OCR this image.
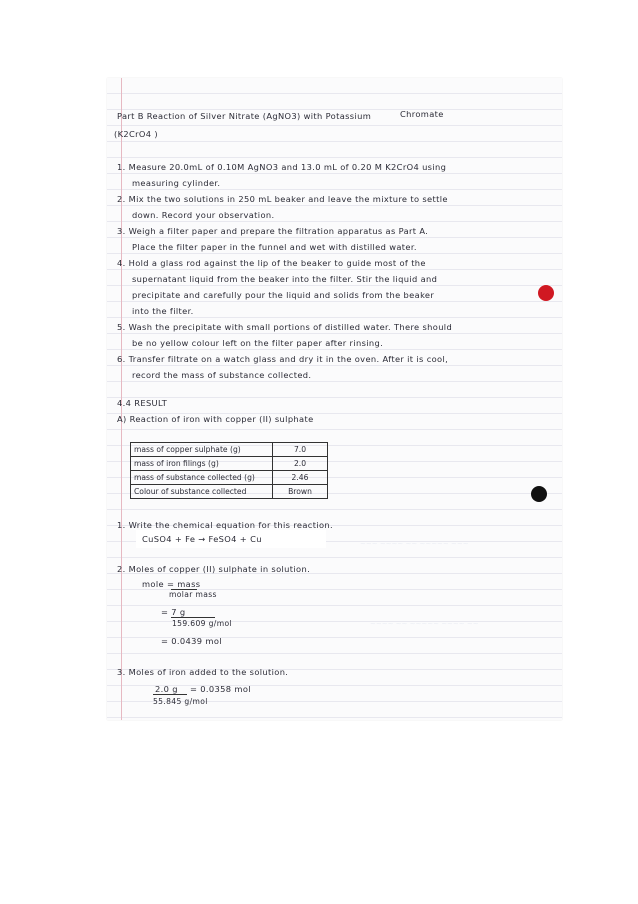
~~~ ~~~~ ~~ ~~~~~ ~~~
~~~~ ~~ ~~~~~ ~~~~ ~~
Part B Reaction of Silver Nitrate (AgNO3) with Potassium	Chromate
(K2CrO4 )
1. Measure 20.0mL of 0.10M AgNO3 and 13.0 mL of 0.20 M K2CrO4 using
measuring cylinder.
2. Mix the two solutions in 250 mL beaker and leave the mixture to settle
down. Record your observation.
3. Weigh a filter paper and prepare the filtration apparatus as Part A.
Place the filter paper in the funnel and wet with distilled water.
4. Hold a glass rod against the lip of the beaker to guide most of the
supernatant liquid from the beaker into the filter. Stir the liquid and
precipitate and carefully pour the liquid and solids from the beaker
into the filter.
5. Wash the precipitate with small portions of distilled water. There should
be no yellow colour left on the filter paper after rinsing.
6. Transfer filtrate on a watch glass and dry it in the oven. After it is cool,
record the mass of substance collected.
4.4 RESULT
A) Reaction of iron with copper (II) sulphate
mass of copper sulphate (g)	7.0
mass of iron filings (g)	2.0
mass of substance collected (g)	2.46
Colour of substance collected	Brown
1. Write the chemical equation for this reaction.
CuSO4 + Fe → FeSO4 + Cu
2. Moles of copper (II) sulphate in solution.
mole = mass
molar mass
= 7 g
159.609 g/mol
= 0.0439 mol
3. Moles of iron added to the solution.
2.0 g = 0.0358 mol
55.845 g/mol
